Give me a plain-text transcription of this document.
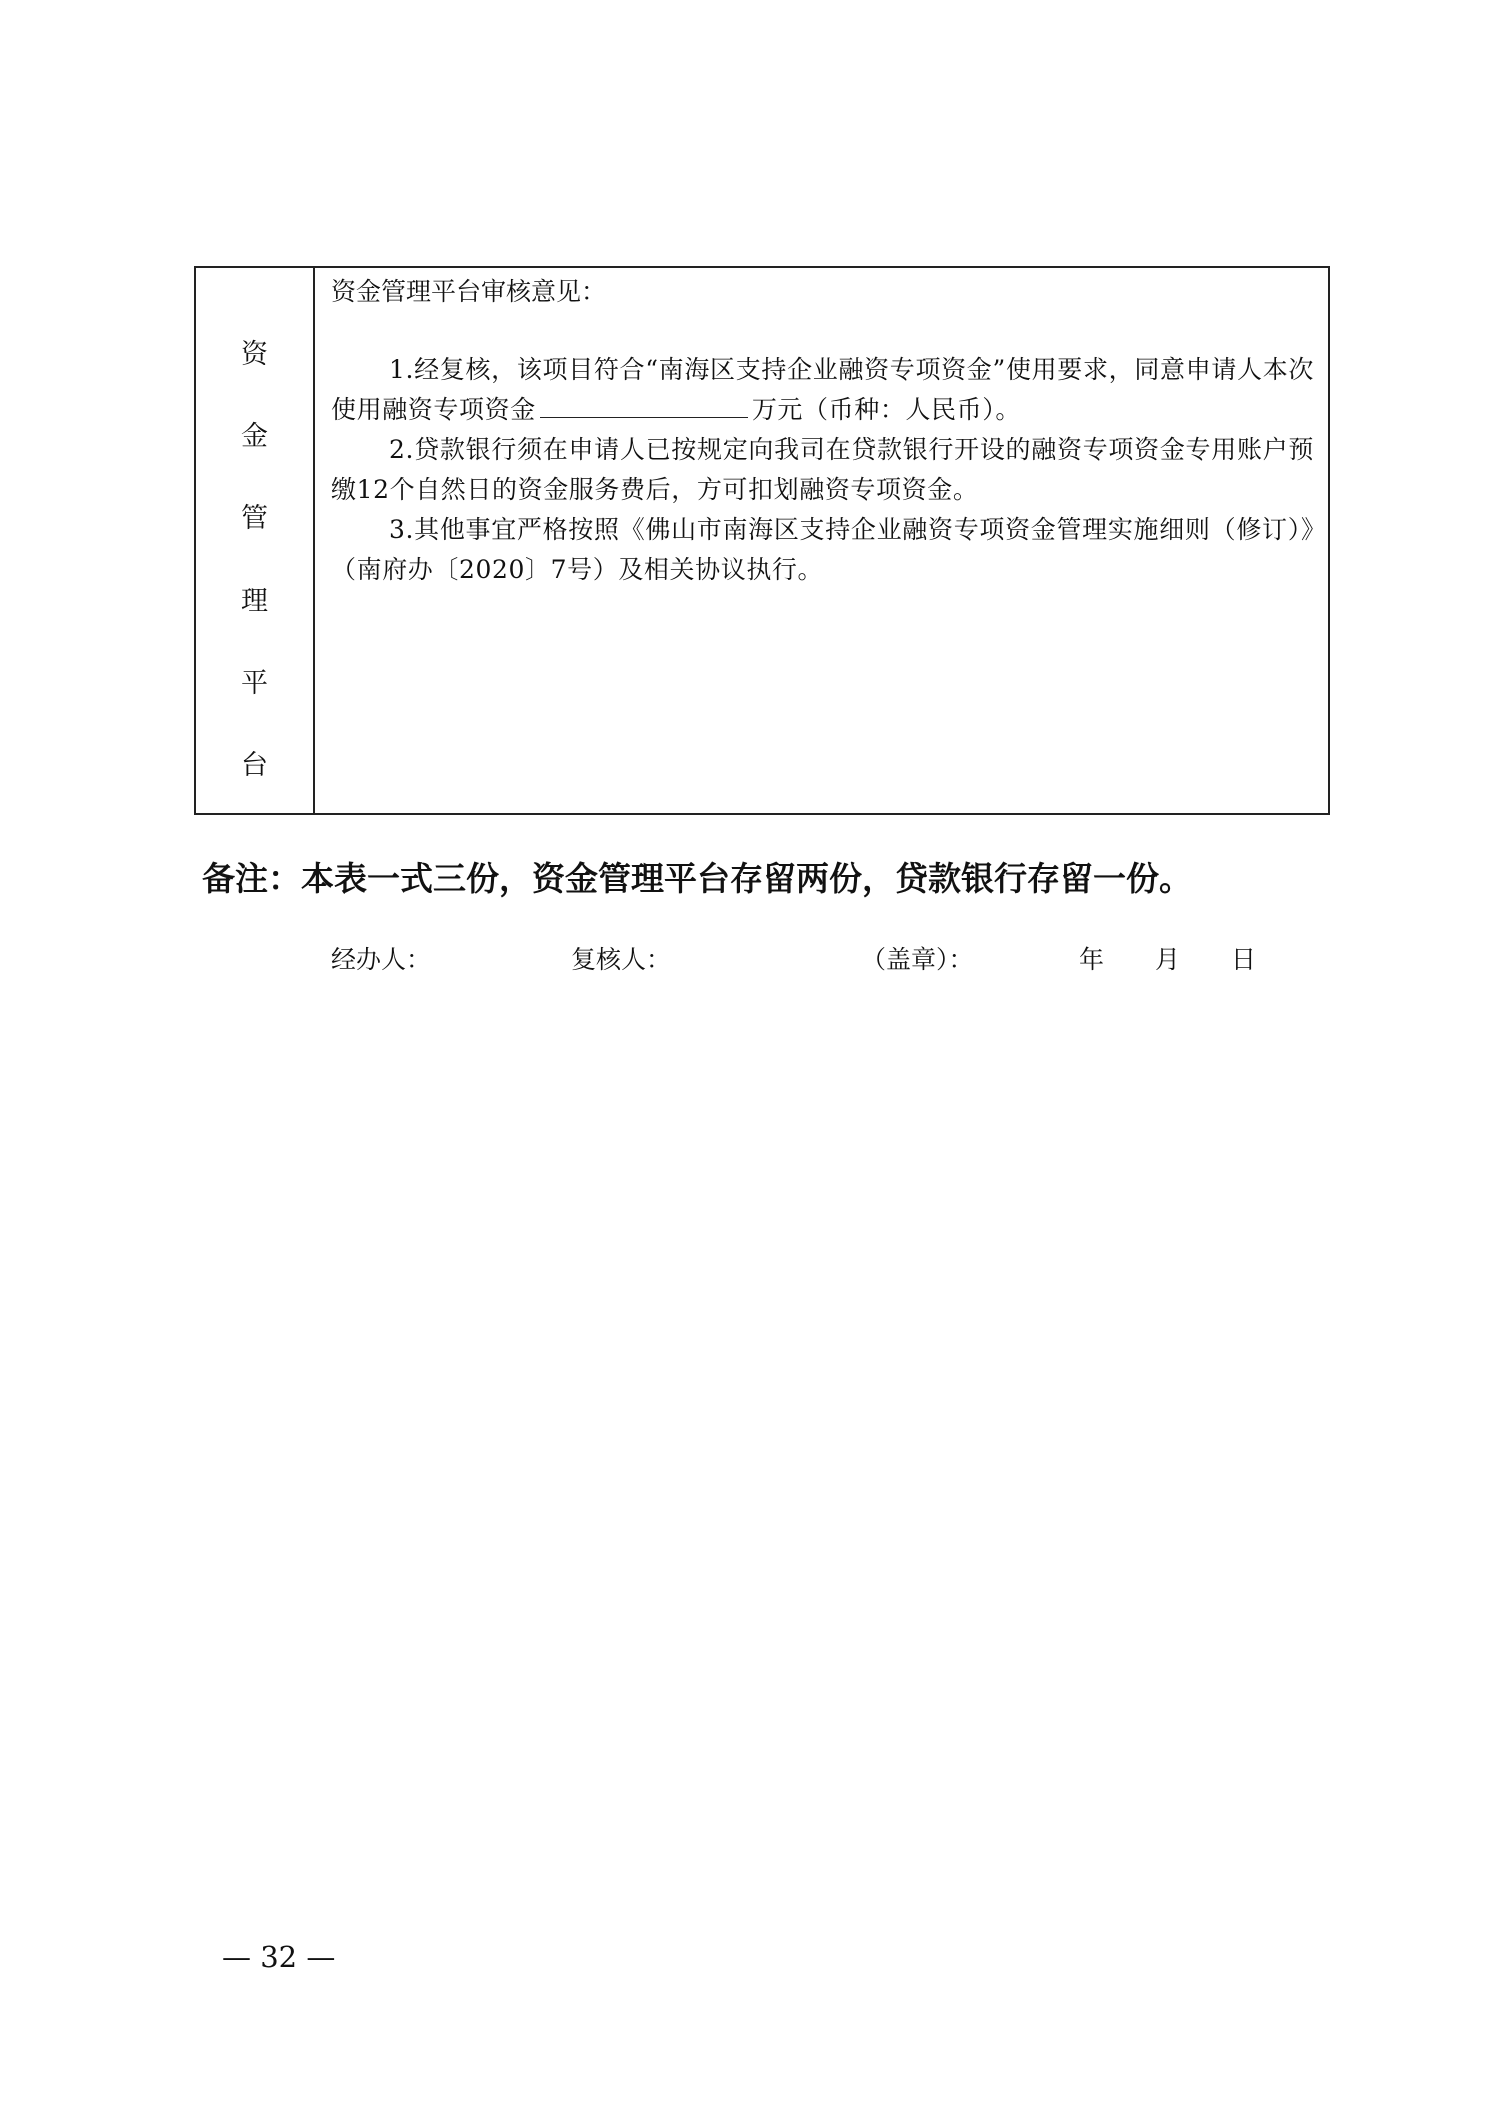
资
金
管
理
平
台
资金管理平台审核意见：

1.经复核，该项目符合“南海区支持企业融资专项资金”使用要求，同意申请人本次使用融资专项资金	万元（币种：人民币）。

2.贷款银行须在申请人已按规定向我司在贷款银行开设的融资专项资金专用账户预缴12个自然日的资金服务费后，方可扣划融资专项资金。

3.其他事宜严格按照《佛山市南海区支持企业融资专项资金管理实施细则（修订）》（南府办〔2020〕7号）及相关协议执行。

经办人：	复核人：	（盖章）：	年 月 日
备注：本表一式三份，资金管理平台存留两份，贷款银行存留一份。
— 32 —
